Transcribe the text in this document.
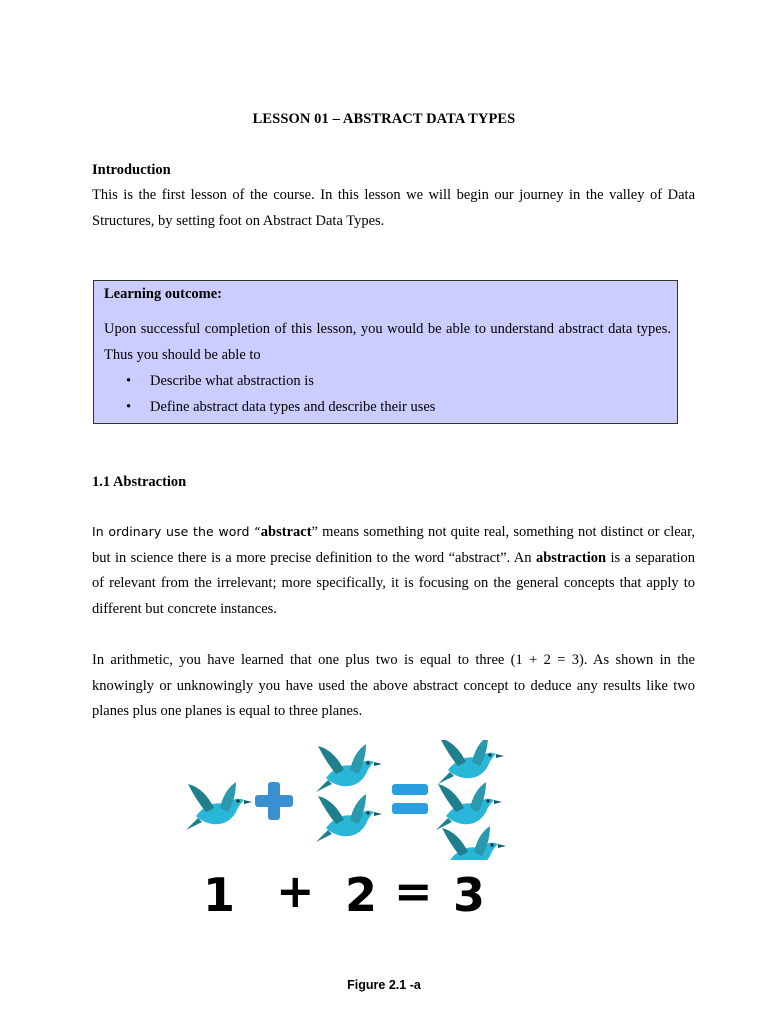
LESSON 01 – ABSTRACT DATA TYPES
Introduction
This is the first lesson of the course. In this lesson we will begin our journey in the valley of Data Structures, by setting foot on Abstract Data Types.
Learning outcome:
Upon successful completion of this lesson, you would be able to understand abstract data types. Thus you should be able to
• Describe what abstraction is
• Define abstract data types and describe their uses
1.1 Abstraction
In ordinary use the word “abstract” means something not quite real, something not distinct or clear, but in science there is a more precise definition to the word “abstract”. An abstraction is a separation of relevant from the irrelevant; more specifically, it is focusing on the general concepts that apply to different but concrete instances.
In arithmetic, you have learned that one plus two is equal to three (1 + 2 = 3). As shown in the knowingly or unknowingly you have used the above abstract concept to deduce any results like two planes plus one planes is equal to three planes.
1 + 2 = 3
Figure 2.1 -a
